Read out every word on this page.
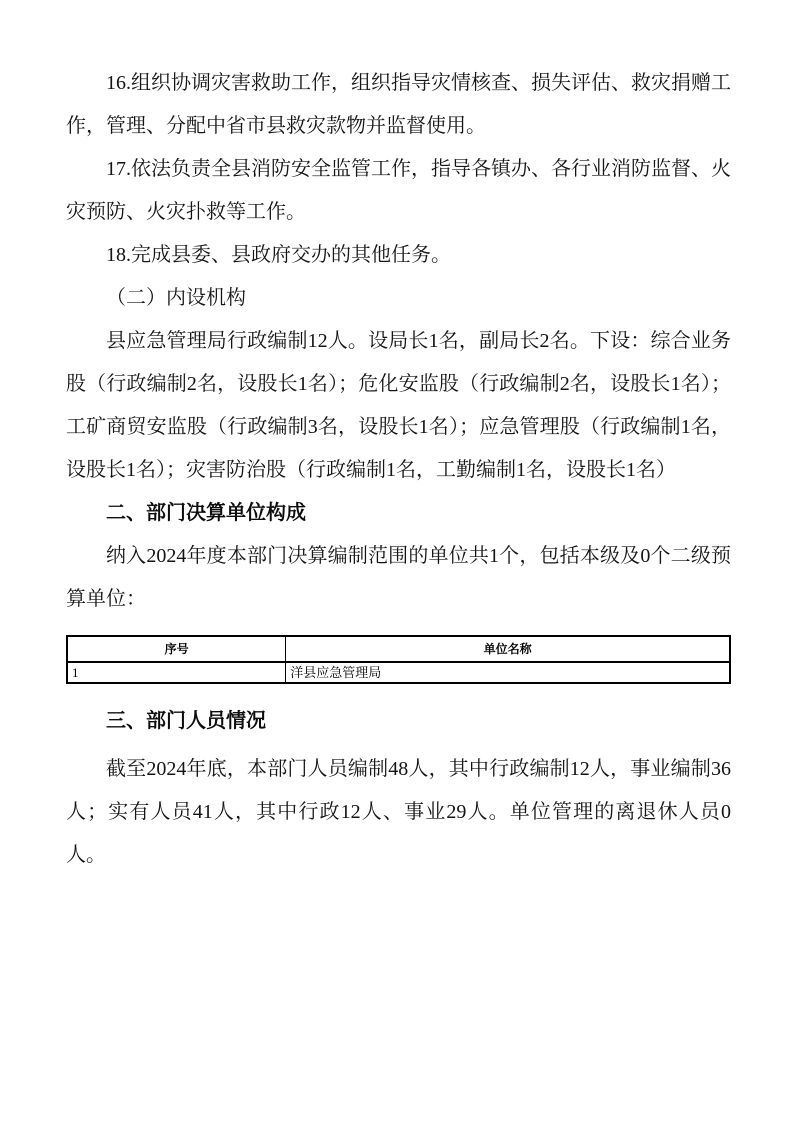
16.组织协调灾害救助工作，组织指导灾情核查、损失评估、救灾捐赠工作，管理、分配中省市县救灾款物并监督使用。

17.依法负责全县消防安全监管工作，指导各镇办、各行业消防监督、火灾预防、火灾扑救等工作。

18.完成县委、县政府交办的其他任务。

（二）内设机构

县应急管理局行政编制12人。设局长1名，副局长2名。下设：综合业务股（行政编制2名，设股长1名）；危化安监股（行政编制2名，设股长1名）；工矿商贸安监股（行政编制3名，设股长1名）；应急管理股（行政编制1名，设股长1名）；灾害防治股（行政编制1名，工勤编制1名，设股长1名）

二、部门决算单位构成

纳入2024年度本部门决算编制范围的单位共1个，包括本级及0个二级预算单位：

序号	单位名称
1	洋县应急管理局
三、部门人员情况

截至2024年底，本部门人员编制48人，其中行政编制12人，事业编制36人；实有人员41人，其中行政12人、事业29人。单位管理的离退休人员0人。
